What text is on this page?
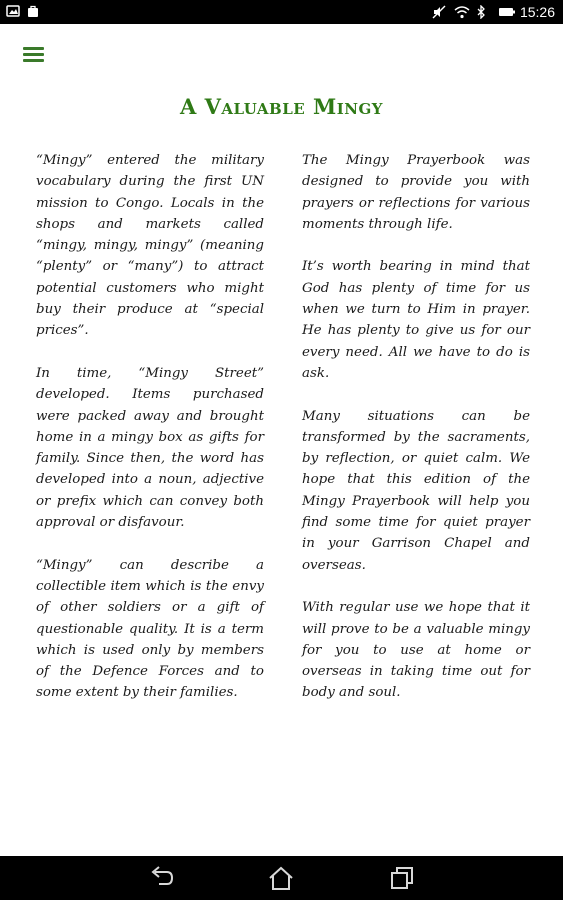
15:26
A Valuable Mingy

“Mingy” entered the military vocabulary during the first UN mission to Congo. Locals in the shops and markets called “mingy, mingy, mingy” (meaning “plenty” or “many”) to attract potential customers who might buy their produce at “special prices”.

In time, “Mingy Street” developed. Items purchased were packed away and brought home in a mingy box as gifts for family. Since then, the word has developed into a noun, adjective or prefix which can convey both approval or disfavour.

“Mingy” can describe a collectible item which is the envy of other soldiers or a gift of questionable quality. It is a term which is used only by members of the Defence Forces and to some extent by their families.

The Mingy Prayerbook was designed to provide you with prayers or reflections for various moments through life.

It’s worth bearing in mind that God has plenty of time for us when we turn to Him in prayer. He has plenty to give us for our every need. All we have to do is ask.

Many situations can be transformed by the sacraments, by reflection, or quiet calm. We hope that this edition of the Mingy Prayerbook will help you find some time for quiet prayer in your Garrison Chapel and overseas.

With regular use we hope that it will prove to be a valuable mingy for you to use at home or overseas in taking time out for body and soul.
